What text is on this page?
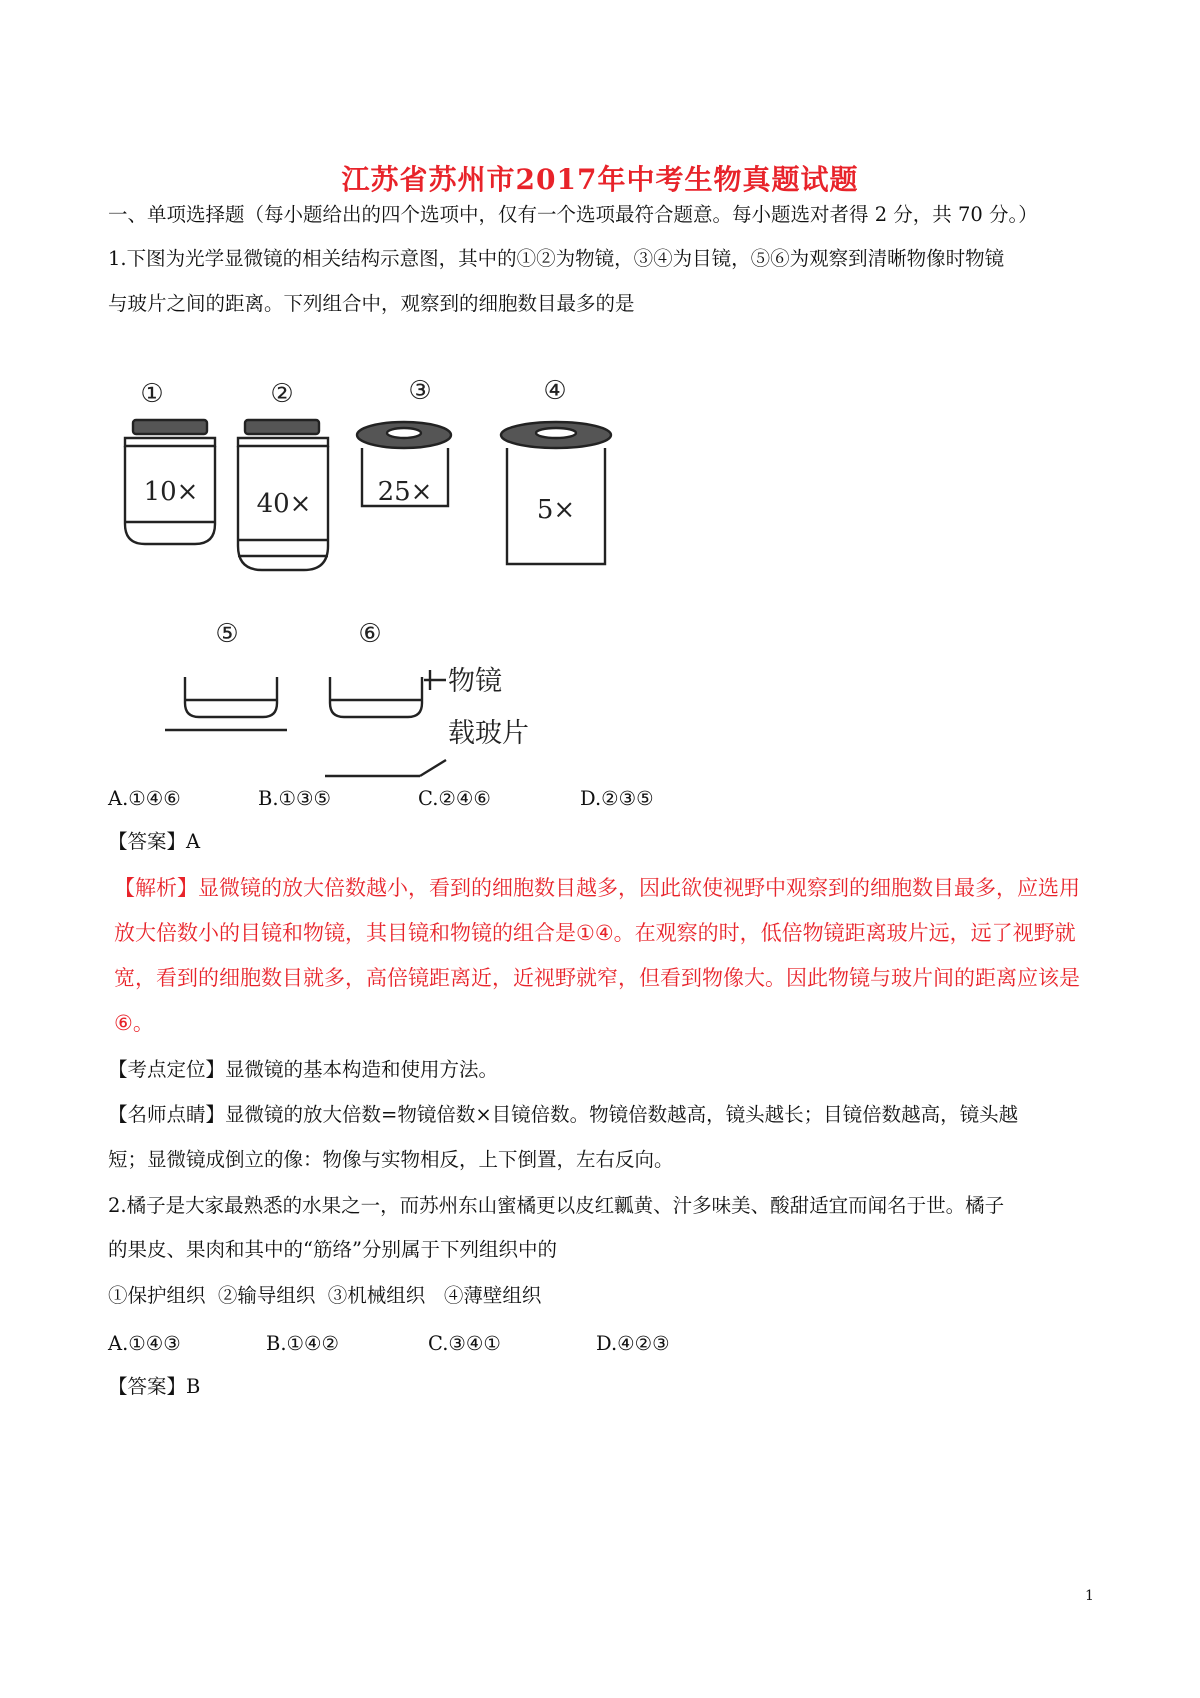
江苏省苏州市2017年中考生物真题试题
一、单项选择题（每小题给出的四个选项中，仅有一个选项最符合题意。每小题选对者得 2 分，共 70 分。）
1.下图为光学显微镜的相关结构示意图，其中的①②为物镜，③④为目镜，⑤⑥为观察到清晰物像时物镜
与玻片之间的距离。下列组合中，观察到的细胞数目最多的是
①	②	③	④
⑤	⑥
10× 40×	25×
5×
物镜
载玻片
A.①④⑥	B.①③⑤	C.②④⑥	D.②③⑤
【答案】A
【解析】显微镜的放大倍数越小，看到的细胞数目越多，因此欲使视野中观察到的细胞数目最多，应选用
放大倍数小的目镜和物镜，其目镜和物镜的组合是①④。在观察的时，低倍物镜距离玻片远，远了视野就
宽，看到的细胞数目就多，高倍镜距离近，近视野就窄，但看到物像大。因此物镜与玻片间的距离应该是
⑥。
【考点定位】显微镜的基本构造和使用方法。
【名师点睛】显微镜的放大倍数=物镜倍数×目镜倍数。物镜倍数越高，镜头越长；目镜倍数越高，镜头越
短；显微镜成倒立的像：物像与实物相反，上下倒置，左右反向。
2.橘子是大家最熟悉的水果之一，而苏州东山蜜橘更以皮红瓤黄、汁多味美、酸甜适宜而闻名于世。橘子
的果皮、果肉和其中的“筋络”分别属于下列组织中的
①保护组织  ②输导组织  ③机械组织   ④薄壁组织
A.①④③	B.①④②	C.③④①	D.④②③
【答案】B
1
